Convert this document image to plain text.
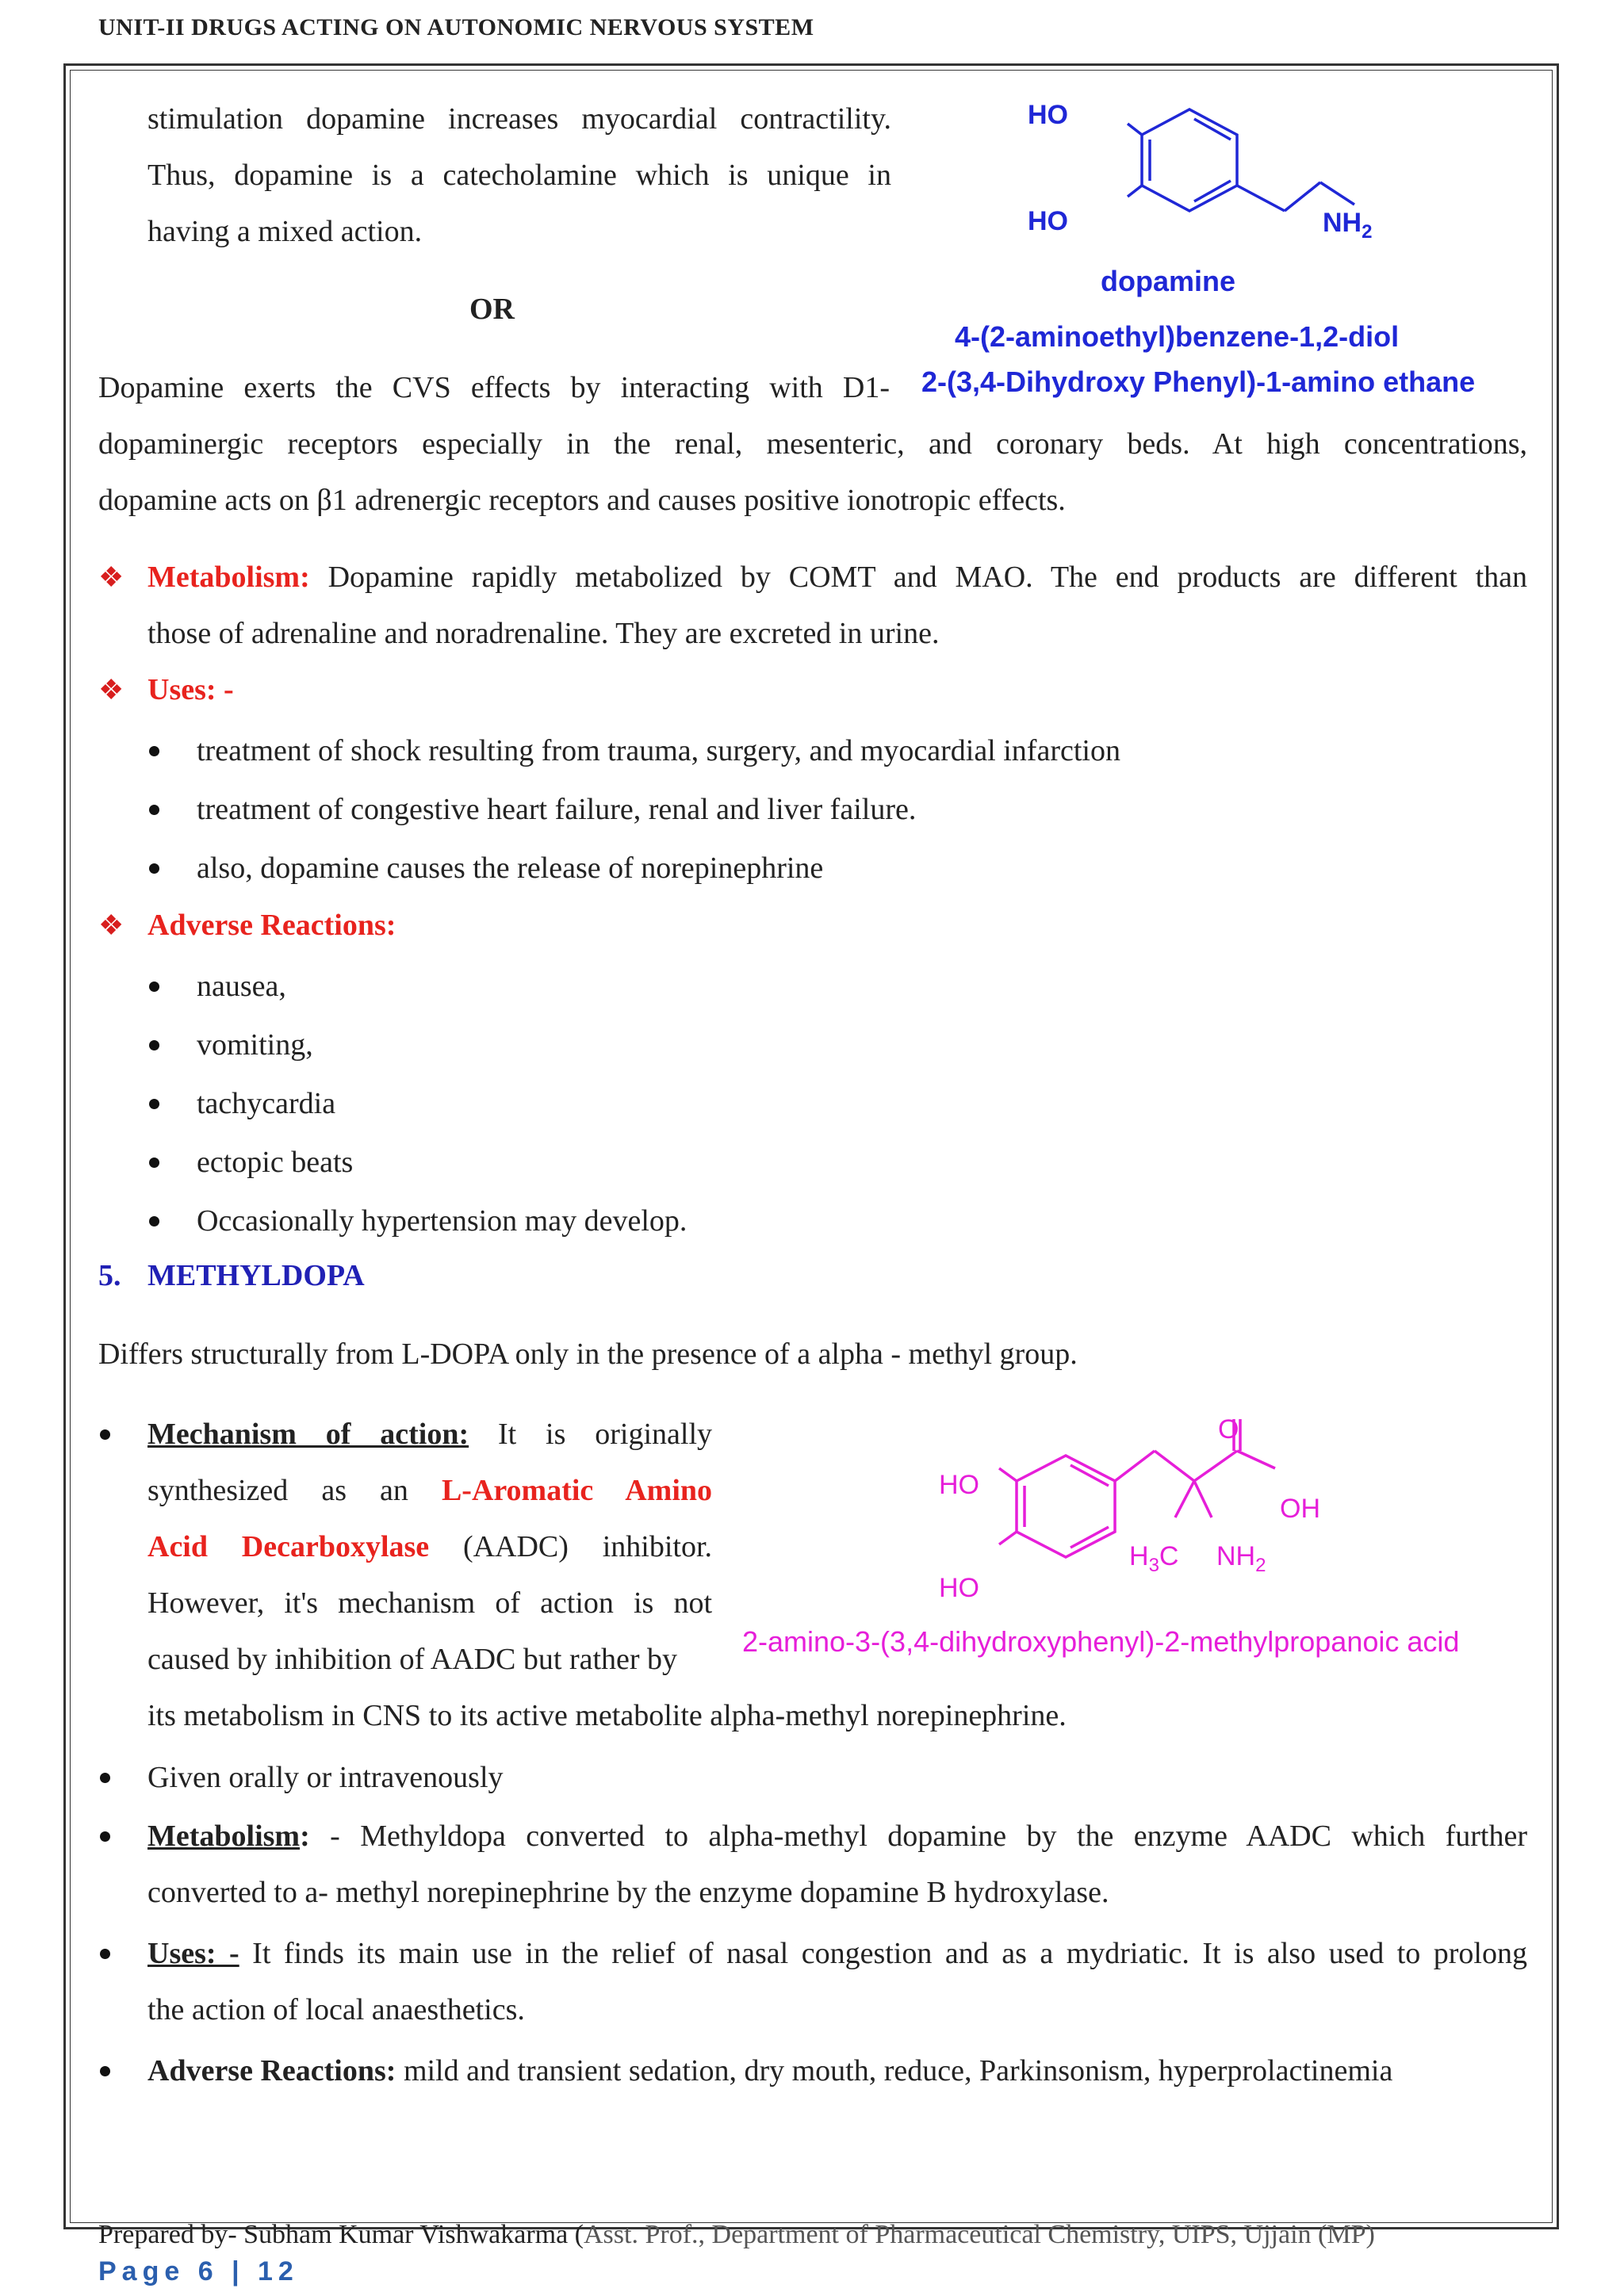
UNIT-II DRUGS ACTING ON AUTONOMIC NERVOUS SYSTEM
stimulation dopamine increases myocardial contractility.
Thus, dopamine is a catecholamine which is unique in
having a mixed action.
OR
Dopamine exerts the CVS effects by interacting with D1-
dopaminergic receptors especially in the renal, mesenteric, and coronary beds. At high concentrations,
dopamine acts on β1 adrenergic receptors and causes positive ionotropic effects.
HO
HO	$NH_2$
dopamine
4-(2-aminoethyl)benzene-1,2-diol
2-(3,4-Dihydroxy Phenyl)-1-amino ethane
❖ Metabolism: Dopamine rapidly metabolized by COMT and MAO. The end products are different than
those of adrenaline and noradrenaline. They are excreted in urine.
❖ Uses: -
treatment of shock resulting from trauma, surgery, and myocardial infarction
treatment of congestive heart failure, renal and liver failure.
also, dopamine causes the release of norepinephrine
❖ Adverse Reactions:
nausea,
vomiting,
tachycardia
ectopic beats
Occasionally hypertension may develop.
5. METHYLDOPA
Differs structurally from L-DOPA only in the presence of a alpha - methyl group.
Mechanism of action: It is originally
synthesized as an L-Aromatic Amino
Acid Decarboxylase (AADC) inhibitor.
However, it's mechanism of action is not
caused by inhibition of AADC but rather by
its metabolism in CNS to its active metabolite alpha-methyl norepinephrine.
O
OH
HO
HO
$H_3C$ $NH_2$
2-amino-3-(3,4-dihydroxyphenyl)-2-methylpropanoic acid
Given orally or intravenously
Metabolism: - Methyldopa converted to alpha-methyl dopamine by the enzyme AADC which further
converted to a- methyl norepinephrine by the enzyme dopamine B hydroxylase.
Uses: - It finds its main use in the relief of nasal congestion and as a mydriatic. It is also used to prolong
the action of local anaesthetics.
Adverse Reactions: mild and transient sedation, dry mouth, reduce, Parkinsonism, hyperprolactinemia
Prepared by- Subham Kumar Vishwakarma (Asst. Prof., Department of Pharmaceutical Chemistry, UIPS, Ujjain (MP)
Page 6 | 12
